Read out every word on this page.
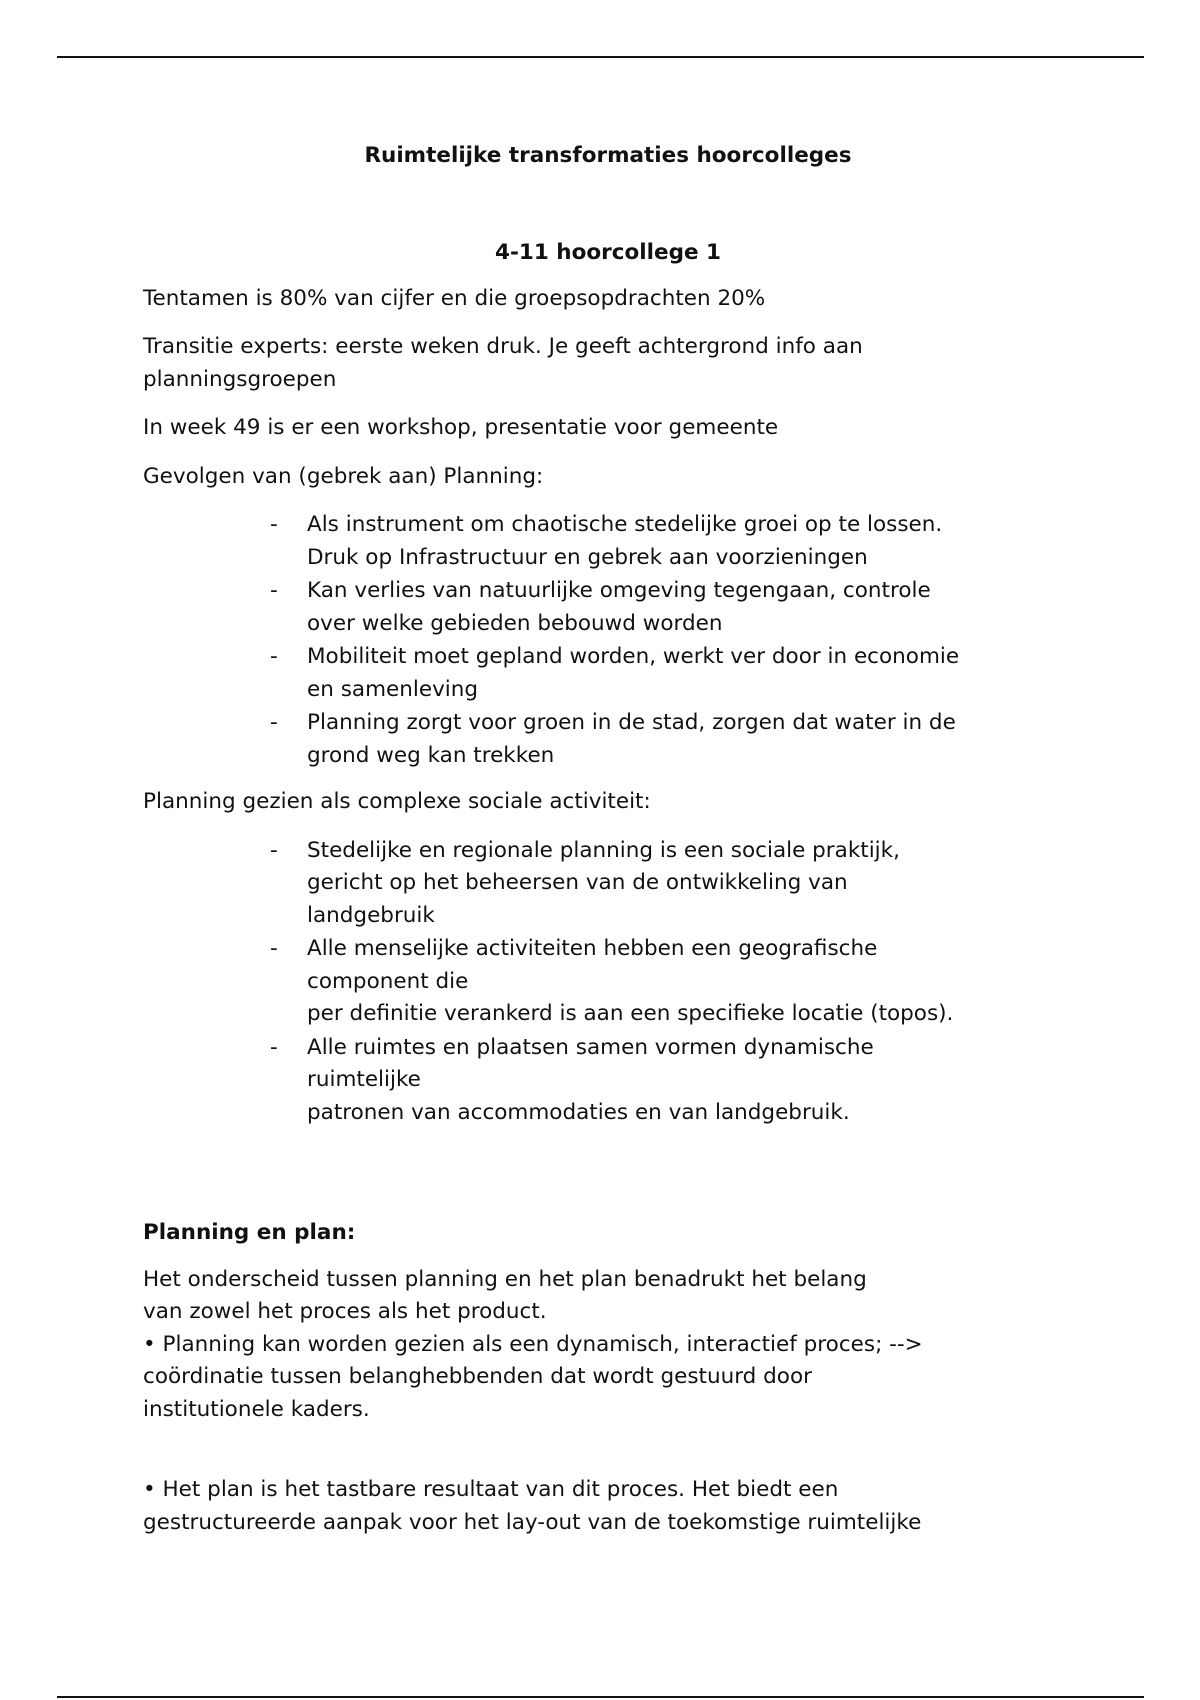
Ruimtelijke transformaties hoorcolleges
4-11 hoorcollege 1

Tentamen is 80% van cijfer en die groepsopdrachten 20%

Transitie experts: eerste weken druk. Je geeft achtergrond info aan planningsgroepen

In week 49 is er een workshop, presentatie voor gemeente

Gevolgen van (gebrek aan) Planning:

- Als instrument om chaotische stedelijke groei op te lossen.
Druk op Infrastructuur en gebrek aan voorzieningen
- Kan verlies van natuurlijke omgeving tegengaan, controle
over welke gebieden bebouwd worden
- Mobiliteit moet gepland worden, werkt ver door in economie
en samenleving
- Planning zorgt voor groen in de stad, zorgen dat water in de
grond weg kan trekken

Planning gezien als complexe sociale activiteit:

- Stedelijke en regionale planning is een sociale praktijk,
gericht op het beheersen van de ontwikkeling van
landgebruik
- Alle menselijke activiteiten hebben een geografische
component die
per definitie verankerd is aan een specifieke locatie (topos).
- Alle ruimtes en plaatsen samen vormen dynamische
ruimtelijke
patronen van accommodaties en van landgebruik.
Planning en plan:
Het onderscheid tussen planning en het plan benadrukt het belang
van zowel het proces als het product.
• Planning kan worden gezien als een dynamisch, interactief proces; -->
coördinatie tussen belanghebbenden dat wordt gestuurd door
institutionele kaders.
• Het plan is het tastbare resultaat van dit proces. Het biedt een
gestructureerde aanpak voor het lay-out van de toekomstige ruimtelijke
